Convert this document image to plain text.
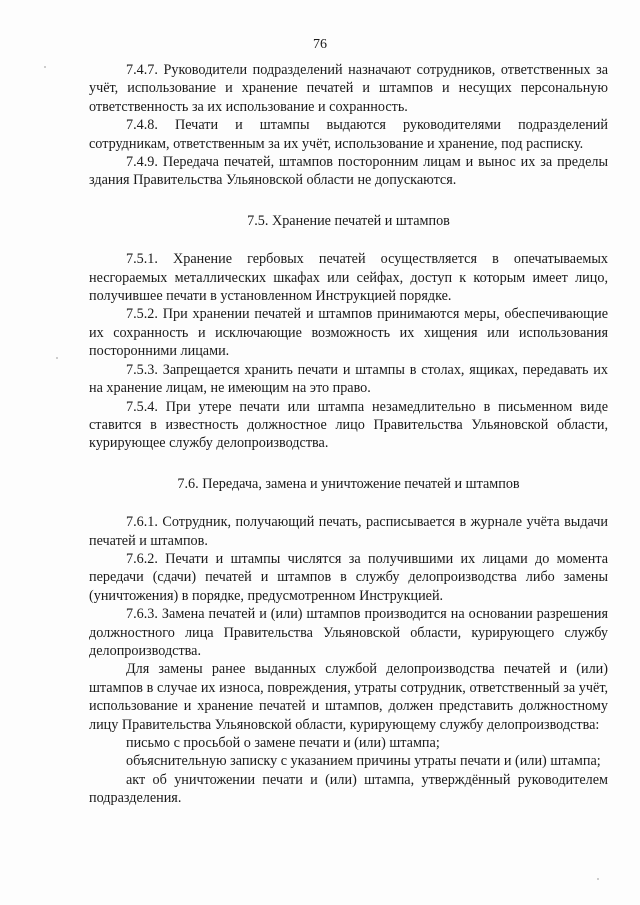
76

7.4.7. Руководители подразделений назначают сотрудников, ответственных за учёт, использование и хранение печатей и штампов и несущих персональную ответственность за их использование и сохранность.

7.4.8. Печати и штампы выдаются руководителями подразделений сотрудникам, ответственным за их учёт, использование и хранение, под расписку.

7.4.9. Передача печатей, штампов посторонним лицам и вынос их за пределы здания Правительства Ульяновской области не допускаются.

7.5. Хранение печатей и штампов

7.5.1. Хранение гербовых печатей осуществляется в опечатываемых несгораемых металлических шкафах или сейфах, доступ к которым имеет лицо, получившее печати в установленном Инструкцией порядке.

7.5.2. При хранении печатей и штампов принимаются меры, обеспечивающие их сохранность и исключающие возможность их хищения или использования посторонними лицами.

7.5.3. Запрещается хранить печати и штампы в столах, ящиках, передавать их на хранение лицам, не имеющим на это право.

7.5.4. При утере печати или штампа незамедлительно в письменном виде ставится в известность должностное лицо Правительства Ульяновской области, курирующее службу делопроизводства.

7.6. Передача, замена и уничтожение печатей и штампов

7.6.1. Сотрудник, получающий печать, расписывается в журнале учёта выдачи печатей и штампов.

7.6.2. Печати и штампы числятся за получившими их лицами до момента передачи (сдачи) печатей и штампов в службу делопроизводства либо замены (уничтожения) в порядке, предусмотренном Инструкцией.

7.6.3. Замена печатей и (или) штампов производится на основании разрешения должностного лица Правительства Ульяновской области, курирующего службу делопроизводства.

Для замены ранее выданных службой делопроизводства печатей и (или) штампов в случае их износа, повреждения, утраты сотрудник, ответственный за учёт, использование и хранение печатей и штампов, должен представить должностному лицу Правительства Ульяновской области, курирующему службу делопроизводства:

письмо с просьбой о замене печати и (или) штампа;

объяснительную записку с указанием причины утраты печати и (или) штампа;

акт об уничтожении печати и (или) штампа, утверждённый руководителем подразделения.
